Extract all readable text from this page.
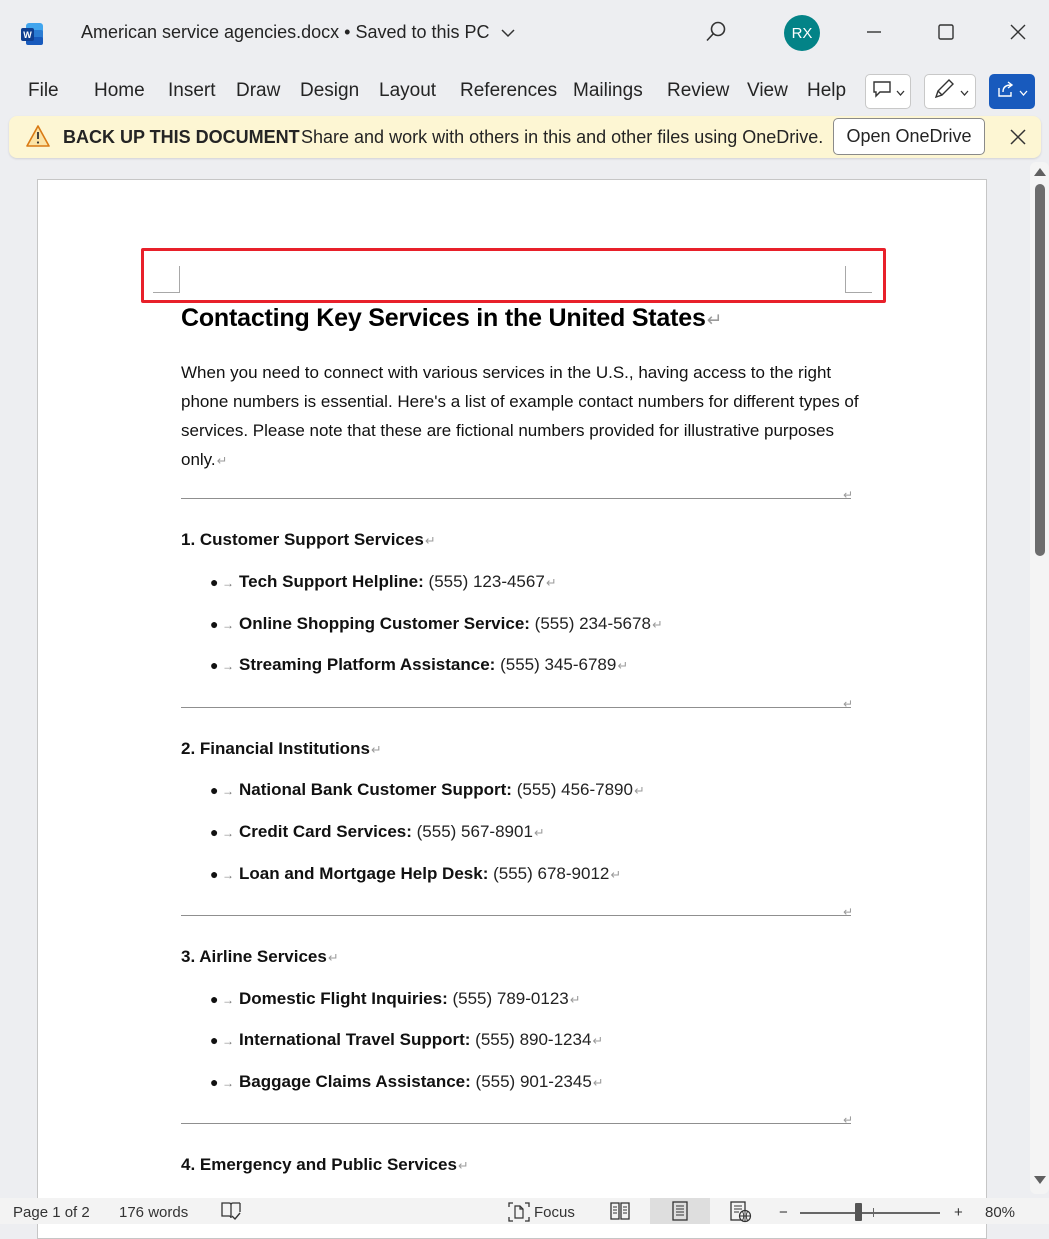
W	American service agencies.docx • Saved to this PC	RX
File Home Insert Draw Design Layout References Mailings Review View Help
BACK UP THIS DOCUMENT Share and work with others in this and other files using OneDrive.	Open OneDrive
Contacting Key Services in the United States↵
When you need to connect with various services in the U.S., having access to the right phone numbers is essential. Here's a list of example contact numbers for different types of services. Please note that these are fictional numbers provided for illustrative purposes only.↵
↵
↵
↵
↵
1. Customer Support Services↵
● → Tech Support Helpline: (555) 123-4567↵
● → Online Shopping Customer Service: (555) 234-5678↵
● → Streaming Platform Assistance: (555) 345-6789↵
2. Financial Institutions↵
● → National Bank Customer Support: (555) 456-7890↵
● → Credit Card Services: (555) 567-8901↵
● → Loan and Mortgage Help Desk: (555) 678-9012↵
3. Airline Services↵
● → Domestic Flight Inquiries: (555) 789-0123↵
● → International Travel Support: (555) 890-1234↵
● → Baggage Claims Assistance: (555) 901-2345↵
4. Emergency and Public Services↵
Page 1 of 2 176 words	Focus	−	+ 80%
